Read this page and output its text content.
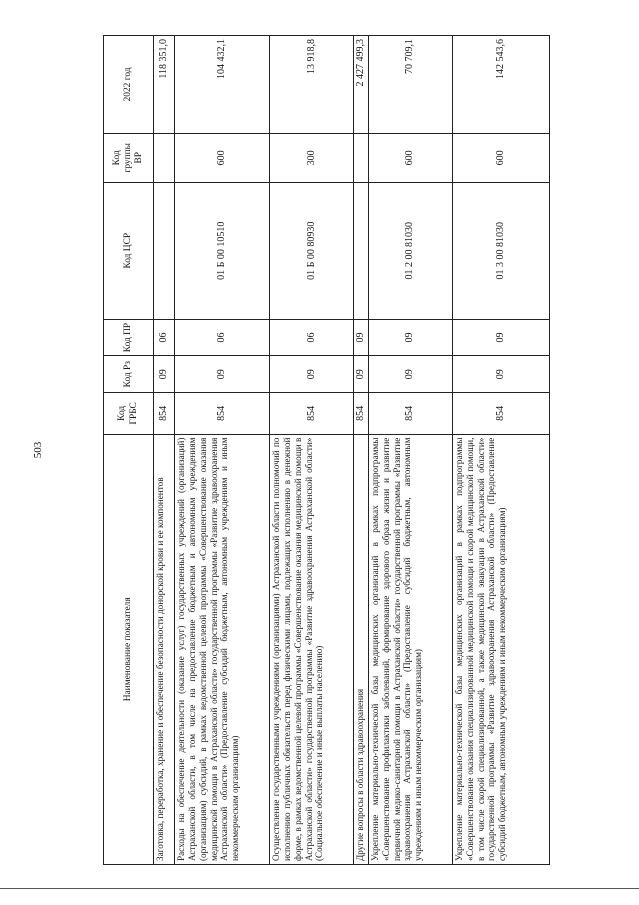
503
Наименование показателя	Код ГРБС	Код Рз	Код ПР	Код ЦСР	Код группы ВР	2022 год
Заготовка, переработка, хранение и обеспечение безопасности донорской крови и ее компонентов	854	09	06			118 351,0
Расходы на обеспечение деятельности (оказание услуг) государственных учреждений (организаций) Астраханской области, в том числе на предоставление бюджетным и автономным учреждениям (организациям) субсидий, в рамках ведомственной целевой программы «Совершенствование оказания медицинской помощи в Астраханской области» государственной программы «Развитие здравоохранения Астраханской области» (Предоставление субсидий бюджетным, автономным учреждениям и иным некоммерческим организациям)	854	09	06	01 Б 00 10510	600	104 432,1
Осуществление государственными учреждениями (организациями) Астраханской области полномочий по исполнению публичных обязательств перед физическими лицами, подлежащих исполнению в денежной форме, в рамках ведомственной целевой программы «Совершенствование оказания медицинской помощи в Астраханской области» государственной программы «Развитие здравоохранения Астраханской области» (Социальное обеспечение и иные выплаты населению)	854	09	06	01 Б 00 80930	300	13 918,8
Другие вопросы в области здравоохранения	854	09	09			2 427 499,3
Укрепление материально-технической базы медицинских организаций в рамках подпрограммы «Совершенствование профилактики заболеваний, формирование здорового образа жизни и развитие первичной медико-санитарной помощи в Астраханской области» государственной программы «Развитие здравоохранения Астраханской области» (Предоставление субсидий бюджетным, автономным учреждениям и иным некоммерческим организациям)	854	09	09	01 2 00 81030	600	70 709,1
Укрепление материально-технической базы медицинских организаций в рамках подпрограммы «Совершенствование оказания специализированной медицинской помощи и скорой медицинской помощи, в том числе скорой специализированной, а также медицинской эвакуации в Астраханской области» государственной программы «Развитие здравоохранения Астраханской области» (Предоставление субсидий бюджетным, автономным учреждениям и иным некоммерческим организациям)	854	09	09	01 3 00 81030	600	142 543,6
